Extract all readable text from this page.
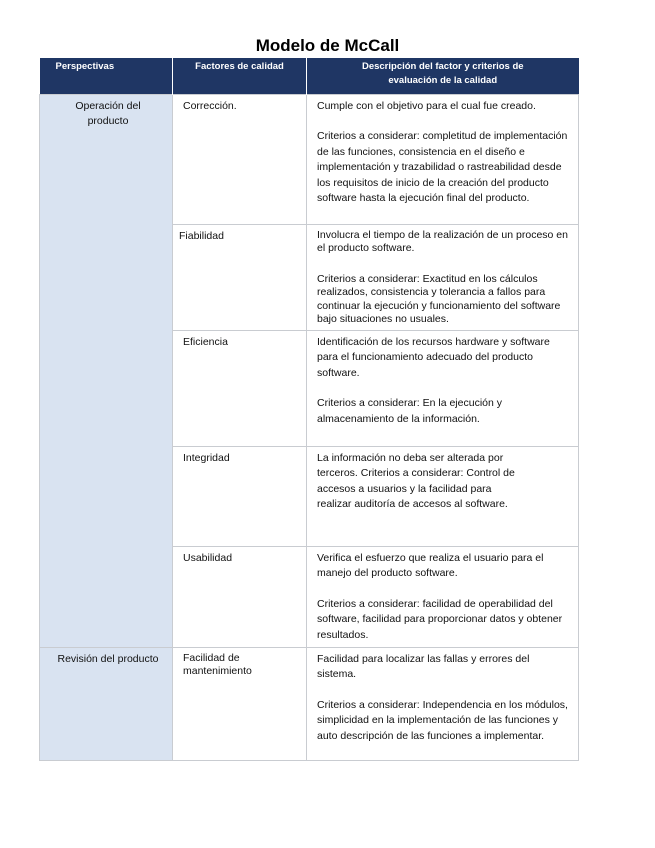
Modelo de McCall
Perspectivas	Factores de calidad	Descripción del factor y criterios de
evaluación de la calidad

Operación del producto	Corrección.	Cumple con el objetivo para el cual fue creado.

Criterios a considerar: completitud de implementación de las funciones, consistencia en el diseño e implementación y trazabilidad o rastreabilidad desde los requisitos de inicio de la creación del producto software hasta la ejecución final del producto.

	Fiabilidad	Involucra el tiempo de la realización de un proceso en el producto software.

Criterios a considerar: Exactitud en los cálculos realizados, consistencia y tolerancia a fallos para continuar la ejecución y funcionamiento del software bajo situaciones no usuales.

	Eficiencia	Identificación de los recursos hardware y software para el funcionamiento adecuado del producto software.

Criterios a considerar: En la ejecución y almacenamiento de la información.

	Integridad	La información no deba ser alterada por terceros. Criterios a considerar: Control de accesos a usuarios y la facilidad para realizar auditoría de accesos al software.

	Usabilidad	Verifica el esfuerzo que realiza el usuario para el manejo del producto software.

Criterios a considerar: facilidad de operabilidad del software, facilidad para proporcionar datos y obtener resultados.

Revisión del producto	Facilidad de mantenimiento	Facilidad para localizar las fallas y errores del sistema.

Criterios a considerar: Independencia en los módulos, simplicidad en la implementación de las funciones y auto descripción de las funciones a implementar.
